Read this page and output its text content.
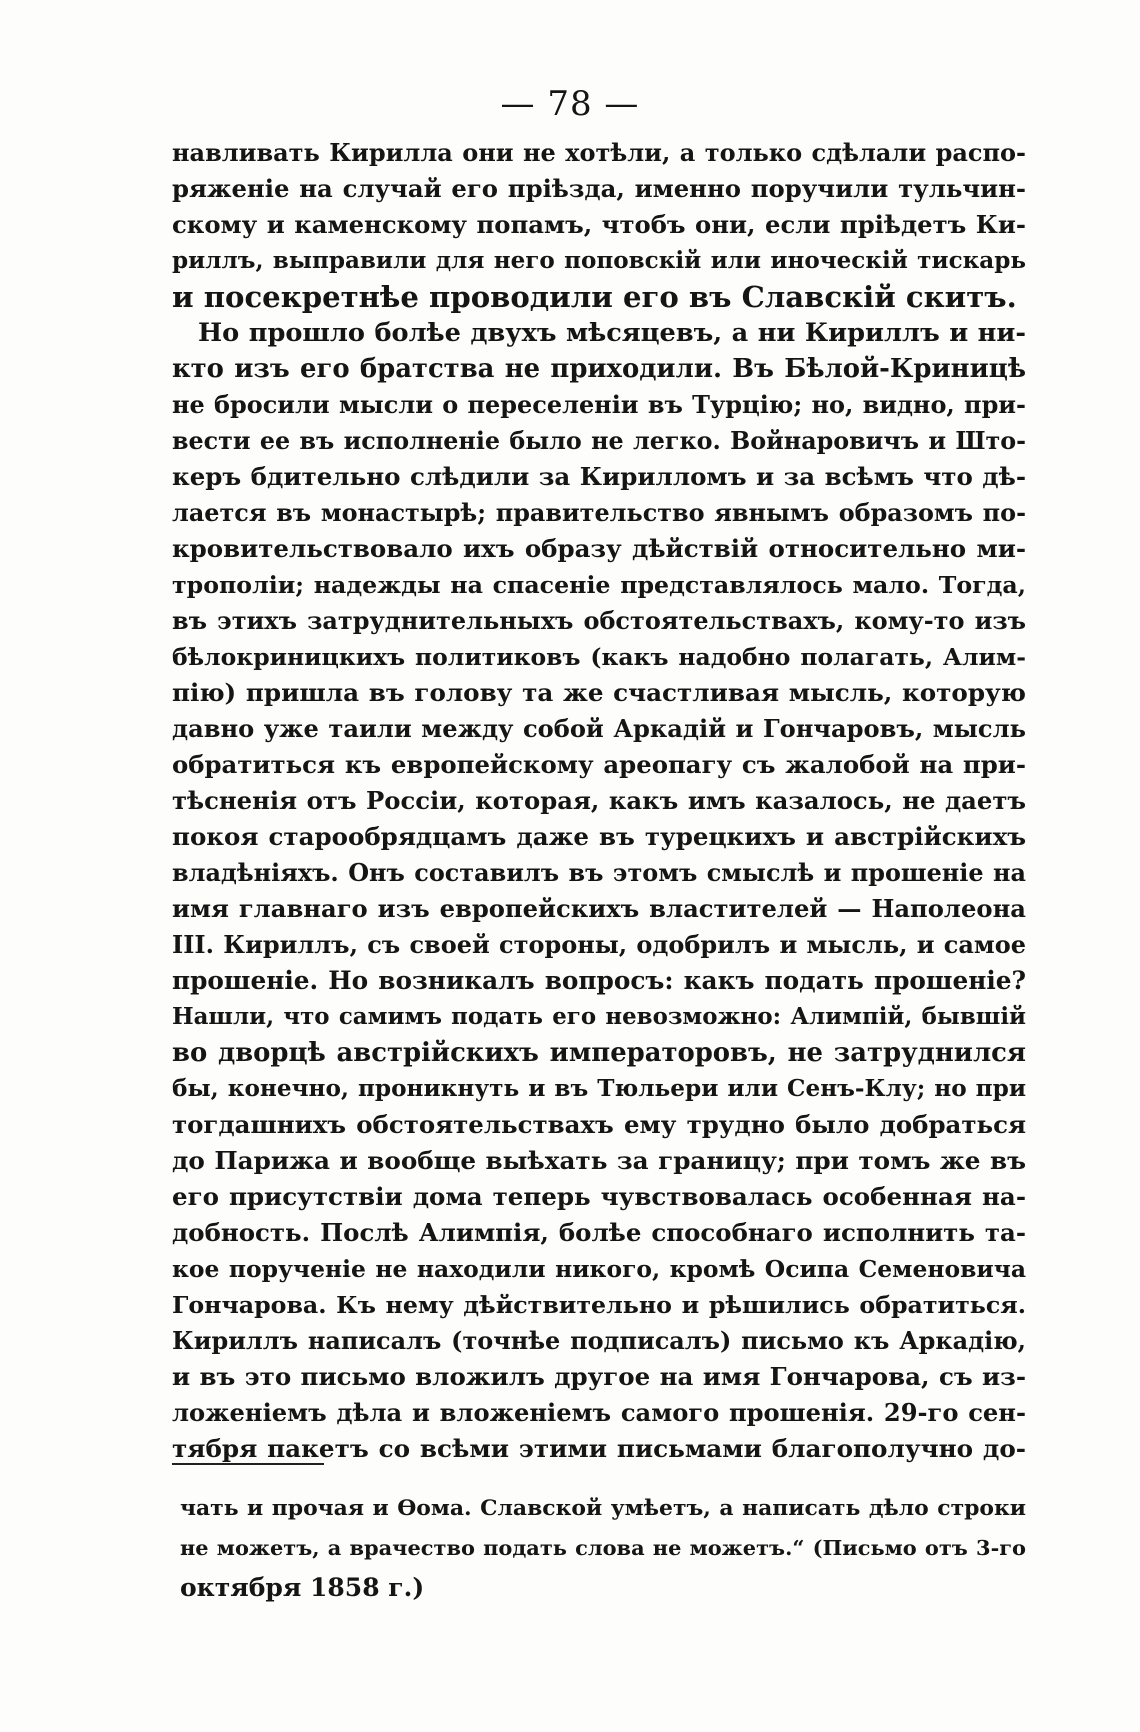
— 78 —
навливать Кирилла они не хотѣли, а только сдѣлали распо-
ряженіе на случай его пріѣзда, именно поручили тульчин-
скому и каменскому попамъ, чтобъ они, если пріѣдетъ Ки-
риллъ, выправили для него поповскій или иноческій тискарь
и посекретнѣе проводили его въ Славскій скитъ.
Но прошло болѣе двухъ мѣсяцевъ, а ни Кириллъ и ни-
кто изъ его братства не приходили. Въ Бѣлой-Криницѣ
не бросили мысли о переселеніи въ Турцію; но, видно, при-
вести ее въ исполненіе было не легко. Войнаровичъ и Што-
керъ бдительно слѣдили за Кирилломъ и за всѣмъ что дѣ-
лается въ монастырѣ; правительство явнымъ образомъ по-
кровительствовало ихъ образу дѣйствій относительно ми-
трополіи; надежды на спасеніе представлялось мало. Тогда,
въ этихъ затруднительныхъ обстоятельствахъ, кому-то изъ
бѣлокриницкихъ политиковъ (какъ надобно полагать, Алим-
пію) пришла въ голову та же счастливая мысль, которую
давно уже таили между собой Аркадій и Гончаровъ, мысль
обратиться къ европейскому ареопагу съ жалобой на при-
тѣсненія отъ Россіи, которая, какъ имъ казалось, не даетъ
покоя старообрядцамъ даже въ турецкихъ и австрійскихъ
владѣніяхъ. Онъ составилъ въ этомъ смыслѣ и прошеніе на
имя главнаго изъ европейскихъ властителей — Наполеона
III. Кириллъ, съ своей стороны, одобрилъ и мысль, и самое
прошеніе. Но возникалъ вопросъ: какъ подать прошеніе?
Нашли, что самимъ подать его невозможно: Алимпій, бывшій
во дворцѣ австрійскихъ императоровъ, не затруднился
бы, конечно, проникнуть и въ Тюльери или Сенъ-Клу; но при
тогдашнихъ обстоятельствахъ ему трудно было добраться
до Парижа и вообще выѣхать за границу; при томъ же въ
его присутствіи дома теперь чувствовалась особенная на-
добность. Послѣ Алимпія, болѣе способнаго исполнить та-
кое порученіе не находили никого, кромѣ Осипа Семеновича
Гончарова. Къ нему дѣйствительно и рѣшились обратиться.
Кириллъ написалъ (точнѣе подписалъ) письмо къ Аркадію,
и въ это письмо вложилъ другое на имя Гончарова, съ из-
ложеніемъ дѣла и вложеніемъ самого прошенія. 29-го сен-
тября пакетъ со всѣми этими письмами благополучно до-
чать и прочая и Ѳома. Славской умѣетъ, а написать дѣло строки
не можетъ, а врачество подать слова не можетъ.“ (Письмо отъ 3-го
октября 1858 г.)
